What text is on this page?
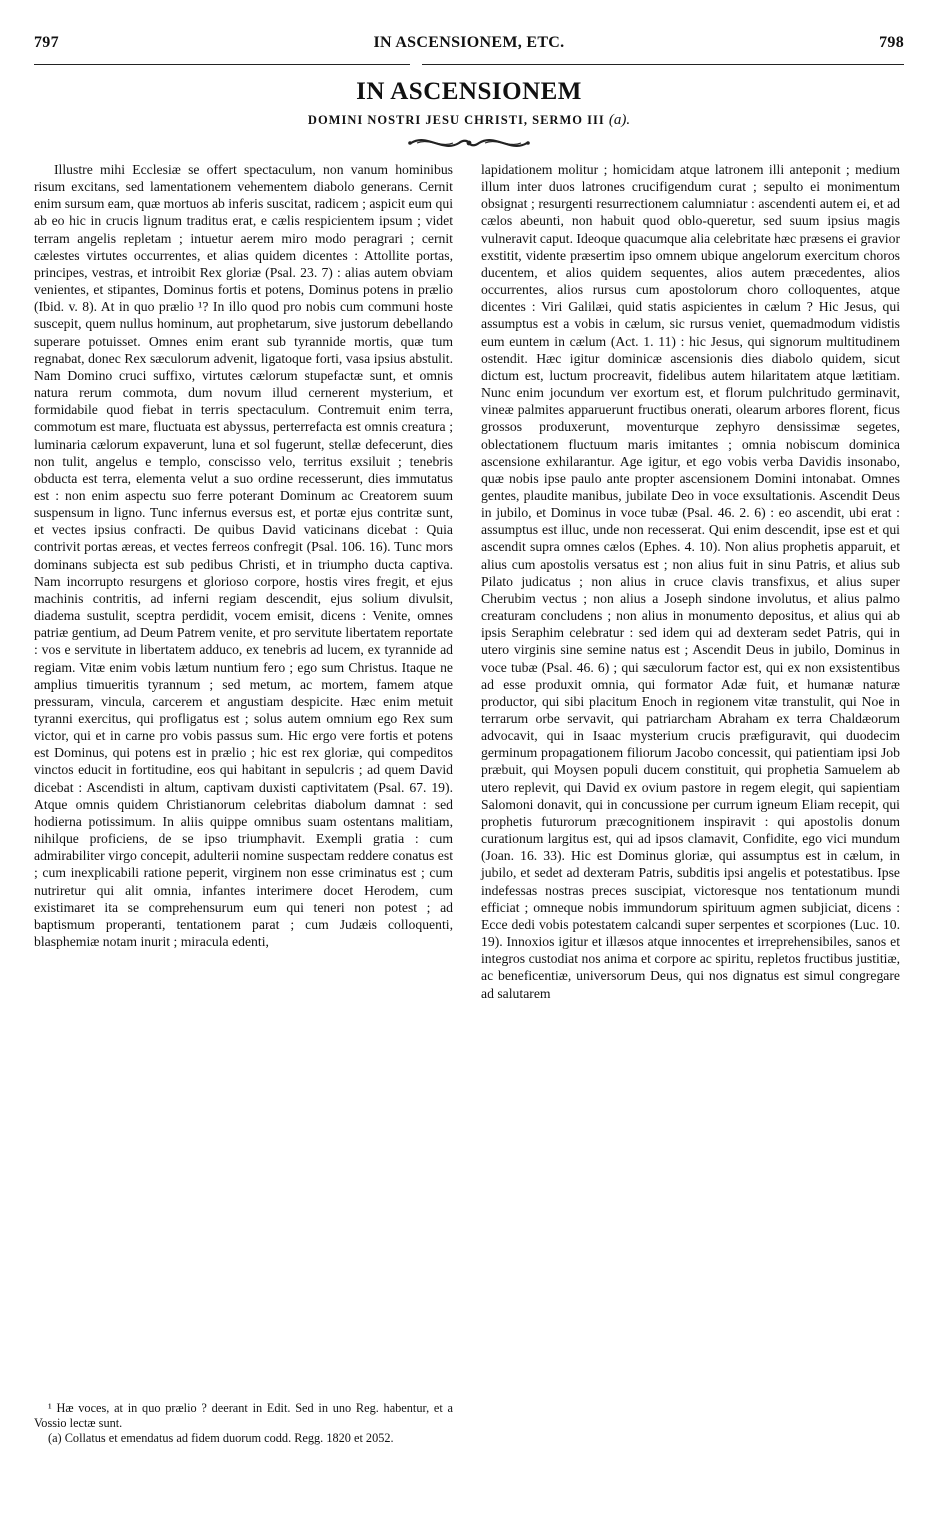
797	IN ASCENSIONEM, ETC.	798
IN ASCENSIONEM
DOMINI NOSTRI JESU CHRISTI, SERMO III (a).

Illustre mihi Ecclesiæ se offert spectaculum, non vanum hominibus risum excitans, sed lamentationem vehementem diabolo generans. Cernit enim sursum eam, quæ mortuos ab inferis suscitat, radicem ; aspicit eum qui ab eo hic in crucis lignum traditus erat, e cælis respicientem ipsum ; videt terram angelis repletam ; intuetur aerem miro modo peragrari ; cernit cælestes virtutes occurrentes, et alias quidem dicentes : Attollite portas, principes, vestras, et introibit Rex gloriæ (Psal. 23. 7) : alias autem obviam venientes, et stipantes, Dominus fortis et potens, Dominus potens in prælio (Ibid. v. 8). At in quo prælio ¹? In illo quod pro nobis cum communi hoste suscepit, quem nullus hominum, aut prophetarum, sive justorum debellando superare potuisset. Omnes enim erant sub tyrannide mortis, quæ tum regnabat, donec Rex sæculorum advenit, ligatoque forti, vasa ipsius abstulit. Nam Domino cruci suffixo, virtutes cælorum stupefactæ sunt, et omnis natura rerum commota, dum novum illud cernerent mysterium, et formidabile quod fiebat in terris spectaculum. Contremuit enim terra, commotum est mare, fluctuata est abyssus, perterrefacta est omnis creatura ; luminaria cælorum expaverunt, luna et sol fugerunt, stellæ defecerunt, dies non tulit, angelus e templo, conscisso velo, territus exsiluit ; tenebris obducta est terra, elementa velut a suo ordine recesserunt, dies immutatus est : non enim aspectu suo ferre poterant Dominum ac Creatorem suum suspensum in ligno. Tunc infernus eversus est, et portæ ejus contritæ sunt, et vectes ipsius confracti. De quibus David vaticinans dicebat : Quia contrivit portas æreas, et vectes ferreos confregit (Psal. 106. 16). Tunc mors dominans subjecta est sub pedibus Christi, et in triumpho ducta captiva. Nam incorrupto resurgens et glorioso corpore, hostis vires fregit, et ejus machinis contritis, ad inferni regiam descendit, ejus solium divulsit, diadema sustulit, sceptra perdidit, vocem emisit, dicens : Venite, omnes patriæ gentium, ad Deum Patrem venite, et pro servitute libertatem reportate : vos e servitute in libertatem adduco, ex tenebris ad lucem, ex tyrannide ad regiam. Vitæ enim vobis lætum nuntium fero ; ego sum Christus. Itaque ne amplius timueritis tyrannum ; sed metum, ac mortem, famem atque pressuram, vincula, carcerem et angustiam despicite. Hæc enim metuit tyranni exercitus, qui profligatus est ; solus autem omnium ego Rex sum victor, qui et in carne pro vobis passus sum. Hic ergo vere fortis et potens est Dominus, qui potens est in prælio ; hic est rex gloriæ, qui compeditos vinctos educit in fortitudine, eos qui habitant in sepulcris ; ad quem David dicebat : Ascendisti in altum, captivam duxisti captivitatem (Psal. 67. 19). Atque omnis quidem Christianorum celebritas diabolum damnat : sed hodierna potissimum. In aliis quippe omnibus suam ostentans malitiam, nihilque proficiens, de se ipso triumphavit. Exempli gratia : cum admirabiliter virgo concepit, adulterii nomine suspectam reddere conatus est ; cum inexplicabili ratione peperit, virginem non esse criminatus est ; cum nutriretur qui alit omnia, infantes interimere docet Herodem, cum existimaret ita se comprehensurum eum qui teneri non potest ; ad baptismum properanti, tentationem parat ; cum Judæis colloquenti, blasphemiæ notam inurit ; miracula edenti,

lapidationem molitur ; homicidam atque latronem illi anteponit ; medium illum inter duos latrones crucifigendum curat ; sepulto ei monimentum obsignat ; resurgenti resurrectionem calumniatur : ascendenti autem ei, et ad cælos abeunti, non habuit quod oblo-queretur, sed suum ipsius magis vulneravit caput. Ideoque quacumque alia celebritate hæc præsens ei gravior exstitit, vidente præsertim ipso omnem ubique angelorum exercitum choros ducentem, et alios quidem sequentes, alios autem præcedentes, alios occurrentes, alios rursus cum apostolorum choro colloquentes, atque dicentes : Viri Galilæi, quid statis aspicientes in cælum ? Hic Jesus, qui assumptus est a vobis in cælum, sic rursus veniet, quemadmodum vidistis eum euntem in cælum (Act. 1. 11) : hic Jesus, qui signorum multitudinem ostendit. Hæc igitur dominicæ ascensionis dies diabolo quidem, sicut dictum est, luctum procreavit, fidelibus autem hilaritatem atque lætitiam. Nunc enim jocundum ver exortum est, et florum pulchritudo germinavit, vineæ palmites apparuerunt fructibus onerati, olearum arbores florent, ficus grossos produxerunt, moventurque zephyro densissimæ segetes, oblectationem fluctuum maris imitantes ; omnia nobiscum dominica ascensione exhilarantur. Age igitur, et ego vobis verba Davidis insonabo, quæ nobis ipse paulo ante propter ascensionem Domini intonabat. Omnes gentes, plaudite manibus, jubilate Deo in voce exsultationis. Ascendit Deus in jubilo, et Dominus in voce tubæ (Psal. 46. 2. 6) : eo ascendit, ubi erat : assumptus est illuc, unde non recesserat. Qui enim descendit, ipse est et qui ascendit supra omnes cælos (Ephes. 4. 10). Non alius prophetis apparuit, et alius cum apostolis versatus est ; non alius fuit in sinu Patris, et alius sub Pilato judicatus ; non alius in cruce clavis transfixus, et alius super Cherubim vectus ; non alius a Joseph sindone involutus, et alius palmo creaturam concludens ; non alius in monumento depositus, et alius qui ab ipsis Seraphim celebratur : sed idem qui ad dexteram sedet Patris, qui in utero virginis sine semine natus est ; Ascendit Deus in jubilo, Dominus in voce tubæ (Psal. 46. 6) ; qui sæculorum factor est, qui ex non exsistentibus ad esse produxit omnia, qui formator Adæ fuit, et humanæ naturæ productor, qui sibi placitum Enoch in regionem vitæ transtulit, qui Noe in terrarum orbe servavit, qui patriarcham Abraham ex terra Chaldæorum advocavit, qui in Isaac mysterium crucis præfiguravit, qui duodecim germinum propagationem filiorum Jacobo concessit, qui patientiam ipsi Job præbuit, qui Moysen populi ducem constituit, qui prophetia Samuelem ab utero replevit, qui David ex ovium pastore in regem elegit, qui sapientiam Salomoni donavit, qui in concussione per currum igneum Eliam recepit, qui prophetis futurorum præcognitionem inspiravit : qui apostolis donum curationum largitus est, qui ad ipsos clamavit, Confidite, ego vici mundum (Joan. 16. 33). Hic est Dominus gloriæ, qui assumptus est in cælum, in jubilo, et sedet ad dexteram Patris, subditis ipsi angelis et potestatibus. Ipse indefessas nostras preces suscipiat, victoresque nos tentationum mundi efficiat ; omneque nobis immundorum spirituum agmen subjiciat, dicens : Ecce dedi vobis potestatem calcandi super serpentes et scorpiones (Luc. 10. 19). Innoxios igitur et illæsos atque innocentes et irreprehensibiles, sanos et integros custodiat nos anima et corpore ac spiritu, repletos fructibus justitiæ, ac beneficentiæ, universorum Deus, qui nos dignatus est simul congregare ad salutarem

¹ Hæ voces, at in quo prælio ? deerant in Edit. Sed in uno Reg. habentur, et a Vossio lectæ sunt.

(a) Collatus et emendatus ad fidem duorum codd. Regg. 1820 et 2052.
